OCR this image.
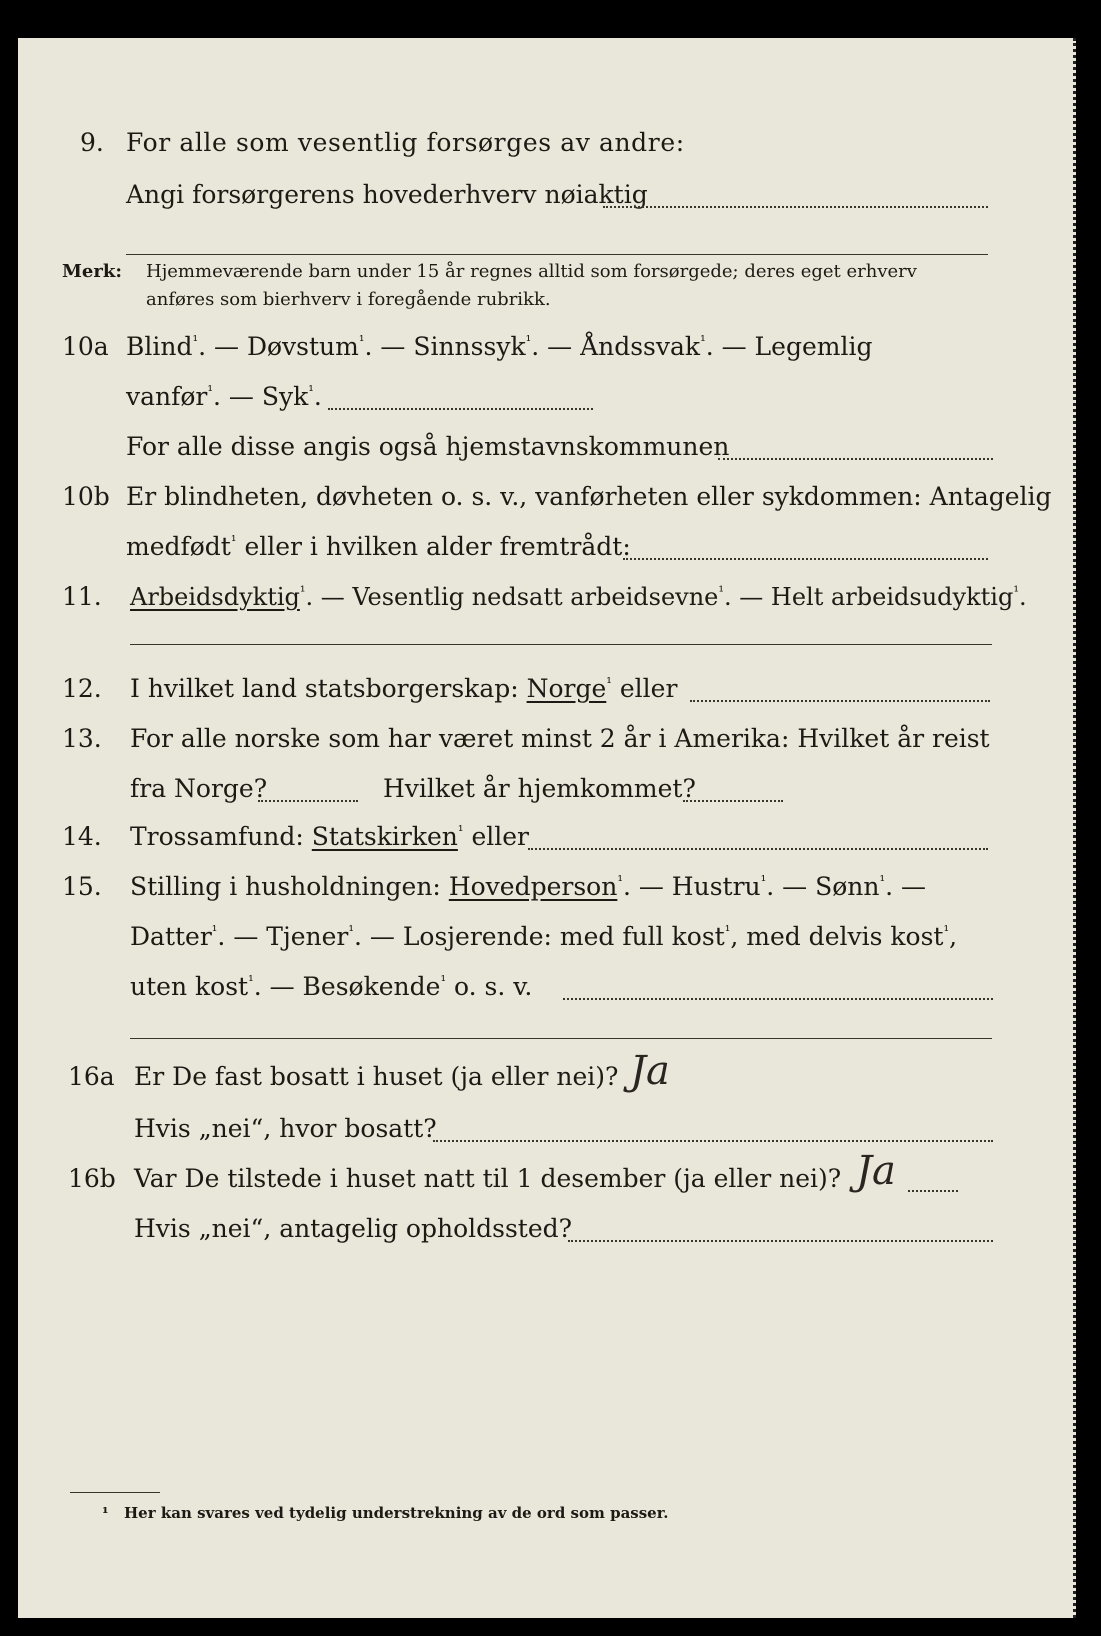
9. For alle som vesentlig forsørges av andre:
Angi forsørgerens hovederhverv nøiaktig
Merk: Hjemmeværende barn under 15 år regnes alltid som forsørgede; deres eget erhverv
anføres som bierhverv i foregående rubrikk.
10a Blind$^{^1}$. — Døvstum$^{^1}$. — Sinnssyk$^{^1}$. — Åndssvak$^{^1}$. — Legemlig
vanfør$^{^1}$. — Syk$^{^1}$.
For alle disse angis også hjemstavnskommunen
10b Er blindheten, døvheten o. s. v., vanførheten eller sykdommen: Antagelig
medfødt$^{^1}$ eller i hvilken alder fremtrådt:
11. Arbeidsdyktig$^{^1}$. — Vesentlig nedsatt arbeidsevne$^{^1}$. — Helt arbeidsudyktig$^{^1}$.
12. I hvilket land statsborgerskap: Norge$^{^1}$ eller
13. For alle norske som har været minst 2 år i Amerika: Hvilket år reist
fra Norge?	Hvilket år hjemkommet?
14. Trossamfund: Statskirken$^{^1}$ eller
15. Stilling i husholdningen: Hovedperson$^{^1}$. — Hustru$^{^1}$. — Sønn$^{^1}$. —
Datter$^{^1}$. — Tjener$^{^1}$. — Losjerende: med full kost$^{^1}$, med delvis kost$^{^1}$,
uten kost$^{^1}$. — Besøkende$^{^1}$ o. s. v.
16a Er De fast bosatt i huset (ja eller nei)? Ja
Hvis „nei“, hvor bosatt?
16b Var De tilstede i huset natt til 1 desember (ja eller nei)? Ja
Hvis „nei“, antagelig opholdssted?
¹ Her kan svares ved tydelig understrekning av de ord som passer.
